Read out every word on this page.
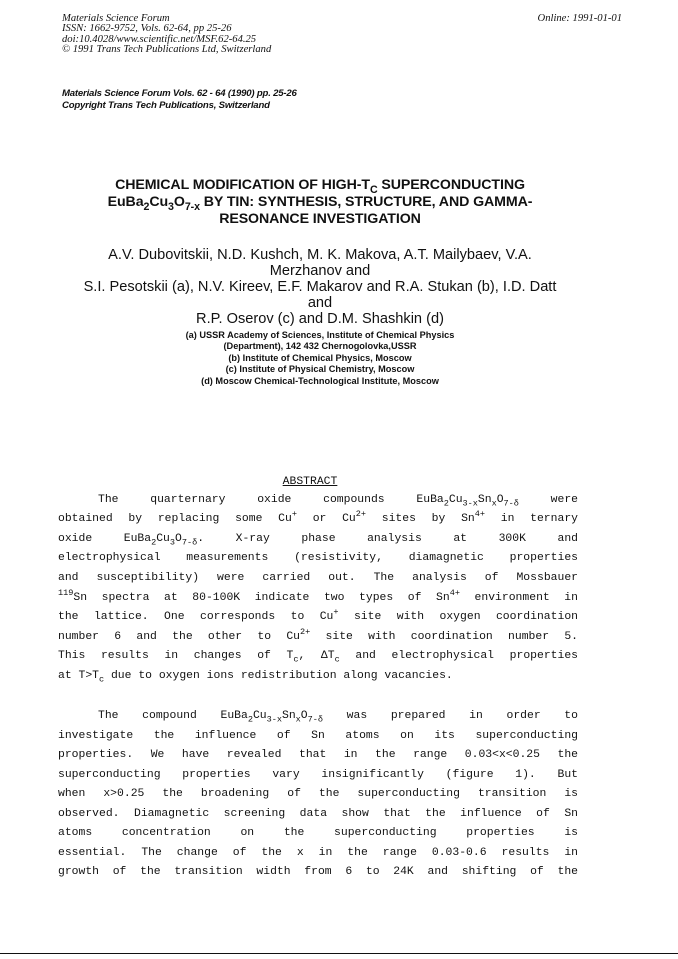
Materials Science Forum
ISSN: 1662-9752, Vols. 62-64, pp 25-26
doi:10.4028/www.scientific.net/MSF.62-64.25
© 1991 Trans Tech Publications Ltd, Switzerland
Online: 1991-01-01
Materials Science Forum Vols. 62 - 64 (1990) pp. 25-26
Copyright Trans Tech Publications, Switzerland
CHEMICAL MODIFICATION OF HIGH-$T_C$ SUPERCONDUCTING
$EuBa_2Cu_3O_{7-x}$ BY TIN: SYNTHESIS, STRUCTURE, AND GAMMA-
RESONANCE INVESTIGATION
A.V. Dubovitskii, N.D. Kushch, M. K. Makova, A.T. Mailybaev, V.A.
Merzhanov and
S.I. Pesotskii (a), N.V. Kireev, E.F. Makarov and R.A. Stukan (b), I.D. Datt
and
R.P. Oserov (c) and D.M. Shashkin (d)
(a) USSR Academy of Sciences, Institute of Chemical Physics
(Department), 142 432 Chernogolovka,USSR
(b) Institute of Chemical Physics, Moscow
(c) Institute of Physical Chemistry, Moscow
(d) Moscow Chemical-Technological Institute, Moscow
ABSTRACT
The quarternary oxide compounds $EuBa_2Cu_{3-x}Sn_xO_{7-\delta}$ were
obtained by replacing some Cu+ or $Cu^{2+}$ sites by $Sn^{4+}$ in ternary
oxide $EuBa_2Cu_3O_{7-\delta}$. X-ray phase analysis at 300K and
electrophysical measurements (resistivity, diamagnetic properties
and susceptibility) were carried out. The analysis of Mossbauer
$^{119}$Sn spectra at 80-100K indicate two types of $Sn^{4+}$ environment in
the lattice. One corresponds to Cu+ site with oxygen coordination
number 6 and the other to $Cu^{2+}$ site with coordination number 5.
This results in changes of $T_c$, $\Delta T_c$ and electrophysical properties
at $T>T_c$ due to oxygen ions redistribution along vacancies.
The compound $EuBa_2Cu_{3-x}Sn_xO_{7-\delta}$ was prepared in order to
investigate the influence of Sn atoms on its superconducting
properties. We have revealed that in the range 0.03<x<0.25 the
superconducting properties vary insignificantly (figure 1). But
when x>0.25 the broadening of the superconducting transition is
observed. Diamagnetic screening data show that the influence of Sn
atoms concentration on the superconducting properties is
essential. The change of the x in the range 0.03-0.6 results in
growth of the transition width from 6 to 24K and shifting of the
